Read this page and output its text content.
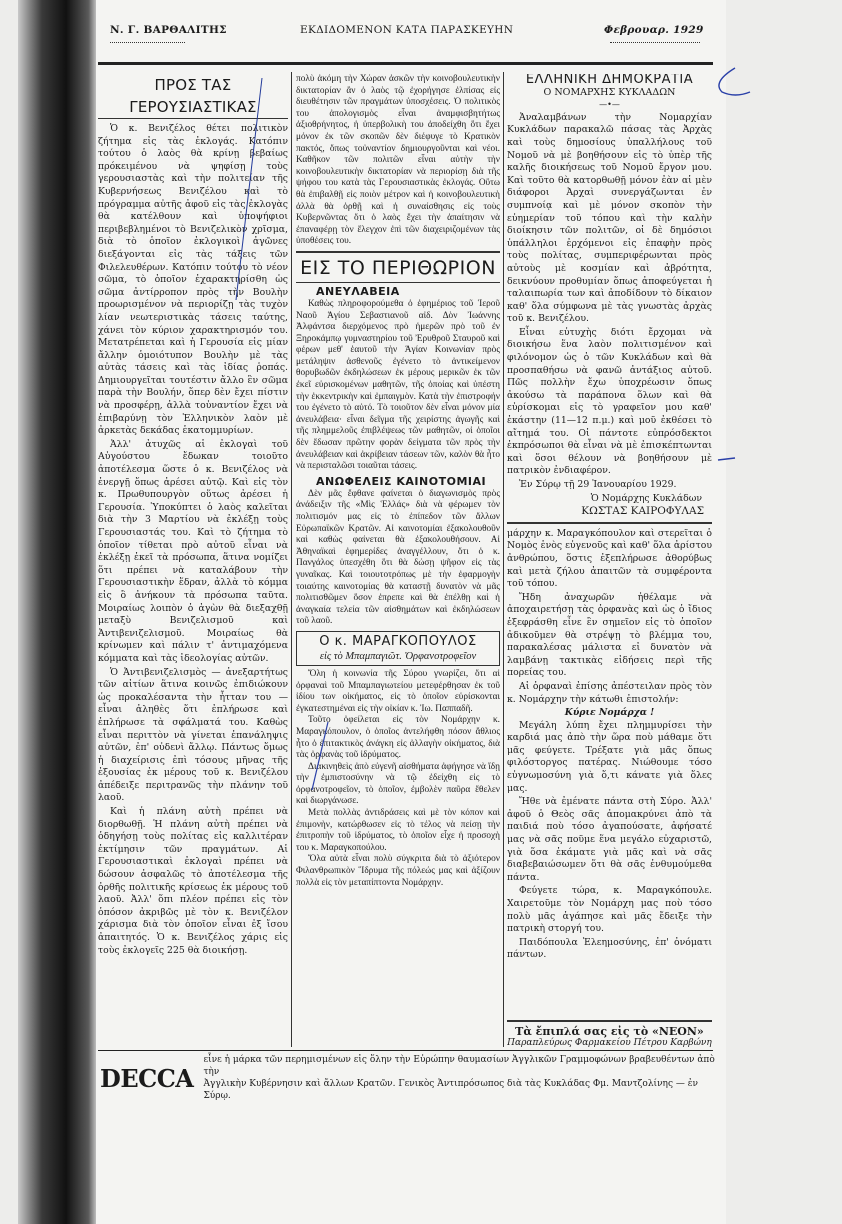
Ν. Γ. ΒΑΡΘΑΛΙΤΗΣ	ΕΚΔΙΔΟΜΕΝΟΝ ΚΑΤΑ ΠΑΡΑΣΚΕΥΗΝ	Φεβρουαρ. 1929
ΠΡΟΣ ΤΑΣ ΓΕΡΟΥΣΙΑΣΤΙΚΑΣ

Ὁ κ. Βενιζέλος θέτει πολιτικὸν ζήτημα εἰς τὰς ἐκλογάς. Κατόπιν τούτου ὁ λαὸς θὰ κρίνῃ βεβαίως πρόκειμένου νὰ ψηφίσῃ τοὺς γερουσιαστὰς καὶ τὴν πολιτείαν τῆς Κυβερνήσεως Βενιζέλου καὶ τὸ πρόγραμμα αὐτῆς ἀφοῦ εἰς τὰς ἐκλογὰς θὰ κατέλθουν καὶ ὑποψήφιοι περιβεβλημένοι τὸ Βενιζελικὸν χρῖσμα, διὰ τὸ ὁποῖον ἐκλογικοὶ ἀγῶνες διεξάγονται εἰς τὰς τάξεις τῶν Φιλελευθέρων. Κατόπιν τούτου τὸ νέον σῶμα, τὸ ὁποῖον ἐχαρακτηρίσθη ὡς σῶμα ἀντίρροπον πρὸς τὴν Βουλὴν προωρισμένον νὰ περιορίζῃ τὰς τυχὸν λίαν νεωτεριστικὰς τάσεις ταύτης, χάνει τὸν κύριον χαρακτηρισμόν του. Μετατρέπεται καὶ ἡ Γερουσία εἰς μίαν ἄλλην ὁμοιότυπον Βουλὴν μὲ τὰς αὐτὰς τάσεις καὶ τὰς ἰδίας ῥοπάς. Δημιουργεῖται τουτέστιν ἄλλο ἓν σῶμα παρὰ τὴν Βουλήν, ὅπερ δὲν ἔχει πίστιν νὰ προσφέρῃ, ἀλλὰ τοὐναντίον ἔχει νὰ ἐπιβαρύνῃ τὸν Ἑλληνικὸν λαὸν μὲ ἀρκετὰς δεκάδας ἑκατομμυρίων.

Ἀλλ' ἀτυχῶς αἱ ἐκλογαὶ τοῦ Αὐγούστου ἔδωκαν τοιοῦτο ἀποτέλεσμα ὥστε ὁ κ. Βενιζέλος νὰ ἐνεργῇ ὅπως ἀρέσει αὐτῷ. Καὶ εἰς τὸν κ. Πρωθυπουργὸν οὕτως ἀρέσει ἡ Γερουσία. Ὑποκύπτει ὁ λαὸς καλεῖται διὰ τὴν 3 Μαρτίου νὰ ἐκλέξῃ τοὺς Γερουσιαστάς του. Καὶ τὸ ζήτημα τὸ ὁποῖον τίθεται πρὸ αὐτοῦ εἶναι νὰ ἐκλέξῃ ἐκεῖ τὰ πρόσωπα, ἅτινα νομίζει ὅτι πρέπει νὰ καταλάβουν τὴν Γερουσιαστικὴν ἕδραν, ἀλλὰ τὸ κόμμα εἰς ὃ ἀνήκουν τὰ πρόσωπα ταῦτα. Μοιραίως λοιπὸν ὁ ἀγὼν θὰ διεξαχθῇ μεταξὺ Βενιζελισμοῦ καὶ Ἀντιβενιζελισμοῦ. Μοιραίως θὰ κρίνωμεν καὶ πάλιν τ' ἀντιμαχόμενα κόμματα καὶ τὰς ἰδεολογίας αὐτῶν.

Ὁ Ἀντιβενιζελισμὸς — ἀνεξαρτήτως τῶν αἰτίων ἅτινα κοινῶς ἐπιδιώκουν ὡς προκαλέσαντα τὴν ἧτταν του — εἶναι ἀληθὲς ὅτι ἐπλήρωσε καὶ ἐπλήρωσε τὰ σφάλματά του. Καθὼς εἶναι περιττὸν νὰ γίνεται ἐπανάληψις αὐτῶν, ἐπ' οὐδενὶ ἄλλῳ. Πάντως ὅμως ἡ διαχείρισις ἐπὶ τόσους μῆνας τῆς ἐξουσίας ἐκ μέρους τοῦ κ. Βενιζέλου ἀπέδειξε περιτρανῶς τὴν πλάνην τοῦ λαοῦ.

Καὶ ἡ πλάνη αὐτὴ πρέπει νὰ διορθωθῇ. Ἡ πλάνη αὐτὴ πρέπει νὰ ὁδηγήσῃ τοὺς πολίτας εἰς καλλιτέραν ἐκτίμησιν τῶν πραγμάτων. Αἱ Γερουσιαστικαὶ ἐκλογαὶ πρέπει νὰ δώσουν ἀσφαλῶς τὸ ἀποτέλεσμα τῆς ὀρθῆς πολιτικῆς κρίσεως ἐκ μέρους τοῦ λαοῦ. Ἀλλ' ὅπι πλέον πρέπει εἰς τὸν ὁπόσον ἀκριβῶς μὲ τὸν κ. Βενιζέλον χάρισμα διὰ τὸν ὁποῖον εἶναι ἐξ ἴσου ἀπαιτητός. Ὁ κ. Βενιζέλος χάρις εἰς τοὺς ἐκλογεῖς 225 θὰ διοικήσῃ.

πολὺ ἀκόμη τὴν Χώραν ἀσκῶν τὴν κοινοβουλευτικὴν δικτατορίαν ἂν ὁ λαὸς τῷ ἐχορήγησε ἐλπίσας εἰς διευθέτησιν τῶν πραγμάτων ὑποσχέσεις. Ὁ πολιτικὸς του ἀπολογισμὸς εἶναι ἀναμφισβητήτως ἀξιοθρήνητος, ἡ ὑπερβολικὴ του ἀποδείχθη ὅτι ἔχει μόνον ἐκ τῶν σκοπῶν δὲν διέφυγε τὸ Κρατικὸν πακτός, ὅπως τοὐναντίον δημιουργοῦνται καὶ νέοι. Καθῆκον τῶν πολιτῶν εἶναι αὐτὴν τὴν κοινοβουλευτικὴν δικτατορίαν νὰ περιορίσῃ διὰ τῆς ψήφου του κατὰ τὰς Γερουσιαστικὰς ἐκλογάς. Οὕτω θὰ ἐπιβαλθῇ εἰς ποιὸν μέτρον καὶ ἡ κοινοβουλευτικὴ ἀλλὰ θὰ ὀρθῇ καὶ ἡ συναίσθησις εἰς τοὺς Κυβερνῶντας ὅτι ὁ λαὸς ἔχει τὴν ἀπαίτησιν νὰ ἐπαναφέρῃ τὸν ἔλεγχον ἐπὶ τῶν διαχειριζομένων τὰς ὑποθέσεις του.

ΕΙΣ ΤΟ ΠΕΡΙΘΩΡΙΟΝ
ΑΝΕΥΛΑΒΕΙΑ

Καθὼς πληροφορούμεθα ὁ ἐφημέριος τοῦ Ἱεροῦ Ναοῦ Ἁγίου Σεβαστιανοῦ αἰδ. Δὸν Ἰωάννης Ἀλφάντσα διερχόμενος πρὸ ἡμερῶν πρὸ τοῦ ἐν Ξηροκάμπῳ γυμναστηρίου τοῦ Ἐρυθροῦ Σταυροῦ καὶ φέρων μεθ' ἑαυτοῦ τὴν Ἁγίαν Κοινωνίαν πρὸς μετάληψιν ἀσθενοῦς ἐγένετο τὸ ἀντικείμενον θορυβωδῶν ἐκδηλώσεων ἐκ μέρους μερικῶν ἐκ τῶν ἐκεῖ εὑρισκομένων μαθητῶν, τῆς ὁποίας καὶ ὑπέστη τὴν ἐκκεντρικὴν καὶ ἐμπαιγμὸν. Κατὰ τὴν ἐπιστροφήν του ἐγένετο τὸ αὐτό. Τὸ τοιοῦτον δὲν εἶναι μόνον μία ἀνευλάβεια· εἶναι δεῖγμα τῆς χειρίστης ἀγωγῆς καὶ τῆς πλημμελοῦς ἐπιβλέψεως τῶν μαθητῶν, οἱ ὁποῖοι δὲν ἔδωσαν πρῶτην φορὰν δείγματα τῶν πρὸς τὴν ἀνευλάβειαν καὶ ἀκρίβειαν τάσεων τῶν, καλὸν θὰ ἦτο νὰ περισταλῶσι τοιαῦται τάσεις.

ΑΝΩΦΕΛΕΙΣ ΚΑΙΝΟΤΟΜΙΑΙ

Δὲν μᾶς ἔφθανε φαίνεται ὁ διαγωνισμὸς πρὸς ἀνάδειξιν τῆς «Μὶς Ἑλλάς» διὰ νὰ φέρωμεν τὸν πολιτισμόν μας εἰς τὸ ἐπίπεδον τῶν ἄλλων Εὐρωπαϊκῶν Κρατῶν. Αἱ καινοτομίαι ἐξακολουθοῦν καὶ καθὼς φαίνεται θὰ ἐξακολουθήσουν. Αἱ Ἀθηναϊκαὶ ἐφημερίδες ἀναγγέλλουν, ὅτι ὁ κ. Πανγάλος ὑπεσχέθη ὅτι θὰ δώσῃ ψῆφον εἰς τὰς γυναῖκας. Καὶ τοιουτοτρόπως μὲ τὴν ἐφαρμογὴν τοιαύτης καινοτομίας θὰ καταστῇ δυνατὸν νὰ μᾶς πολιτισθῶμεν ὅσον ἐπρεπε καὶ θὰ ἐπέλθῃ καὶ ἡ ἀναγκαία τελεία τῶν αἰσθημάτων καὶ ἐκδηλώσεων τοῦ λαοῦ.

Ο κ. ΜΑΡΑΓΚΟΠΟΥΛΟΣ
εἰς τὸ Μπαμπαγιῶτ. Ὀρφανοτροφεῖον

Ὅλη ἡ κοινωνία τῆς Σύρου γνωρίζει, ὅτι αἱ ὀρφαναὶ τοῦ Μπαμπαγιωτείου μετεφέρθησαν ἐκ τοῦ ἰδίου των οἰκήματος, εἰς τὸ ὁποῖον εὑρίσκονται ἐγκατεστημέναι εἰς τὴν οἰκίαν κ. Ἰω. Παππαδῆ.

Τοῦτο ὀφείλεται εἰς τὸν Νομάρχην κ. Μαραγκόπουλον, ὁ ὁποῖος ἀντελήφθη πόσον ἄθλιος ἦτο ὁ ἐπιτακτικὸς ἀνάγκη εἰς ἀλλαγὴν οἰκήματος, διὰ τὰς ὀρφανὰς τοῦ ἱδρύματος.

Διακινηθεὶς ἀπὸ εὐγενῆ αἰσθήματα ἀφήγησε νὰ ἴδῃ τὴν ἐμπιστοσύνην νὰ τῷ ἐδείχθη εἰς τὸ ὀρφανοτροφεῖον, τὸ ὁποῖον, ἐμβολὲν παῦρα ἔθελεν καὶ διωργάνωσε.

Μετὰ πολλὰς ἀντιδράσεις καὶ μὲ τὸν κόπον καὶ ἐπιμονὴν, κατώρθωσεν εἰς τὸ τέλος νὰ πείσῃ τὴν ἐπιτροπὴν τοῦ ἱδρύματος, τὸ ὁποῖον εἶχε ἡ προσοχὴ του κ. Μαραγκοπούλου.

Ὅλα αὐτὰ εἶναι πολὺ σύγκριτα διὰ τὸ ἀξιότερον Φιλανθρωπικὸν Ἵδρυμα τῆς πόλεώς μας καὶ ἀξίζουν πολλὰ εἰς τὸν μεταπίπτοντα Νομάρχην.

ΕΛΛΗΝΙΚΗ ΔΗΜΟΚΡΑΤΙΑ
Ο ΝΟΜΑΡΧΗΣ ΚΥΚΛΑΔΩΝ
—•—

Ἀναλαμβάνων τὴν Νομαρχίαν Κυκλάδων παρακαλῶ πάσας τὰς Ἀρχὰς καὶ τοὺς δημοσίους ὑπαλλήλους τοῦ Νομοῦ νὰ μὲ βοηθήσουν εἰς τὸ ὑπὲρ τῆς καλῆς διοικήσεως τοῦ Νομοῦ ἔργον μου. Καὶ τοῦτο θὰ κατορθωθῇ μόνον ἐὰν αἱ μὲν διάφοροι Ἀρχαὶ συνεργάζωνται ἐν συμπνοίᾳ καὶ μὲ μόνον σκοπὸν τὴν εὐημερίαν τοῦ τόπου καὶ τὴν καλὴν διοίκησιν τῶν πολιτῶν, οἱ δὲ δημόσιοι ὑπάλληλοι ἐρχόμενοι εἰς ἐπαφὴν πρὸς τοὺς πολίτας, συμπεριφέρωνται πρὸς αὐτοὺς μὲ κοσμίαν καὶ ἀβρότητα, δεικνύουν προθυμίαν ὅπως ἀποφεύγεται ἡ ταλαιπωρία των καὶ ἀποδίδουν τὸ δίκαιον καθ' ὅλα σύμφωνα μὲ τὰς γνωστὰς ἀρχὰς τοῦ κ. Βενιζέλου.

Εἶναι εὐτυχὴς διότι ἔρχομαι νὰ διοικήσω ἕνα λαὸν πολιτισμένον καὶ φιλόνομον ὡς ὁ τῶν Κυκλάδων καὶ θὰ προσπαθήσω νὰ φανῶ ἀντάξιος αὐτοῦ. Πῶς πολλὴν ἔχω ὑποχρέωσιν ὅπως ἀκούσω τὰ παράπονα ὅλων καὶ θὰ εὑρίσκομαι εἰς τὸ γραφεῖον μου καθ' ἑκάστην (11—12 π.μ.) καὶ μοῦ ἐκθέσει τὸ αἴτημά του. Οἱ πάντοτε εὐπρόσδεκτοι ἐκπρόσωποι θὰ εἶναι νὰ μὲ ἐπισκέπτωνται καὶ ὅσοι θέλουν νὰ βοηθήσουν μὲ πατρικὸν ἐνδιαφέρον.

Ἐν Σύρῳ τῇ 29 Ἰανουαρίου 1929.

Ὁ Νομάρχης Κυκλάδων
ΚΩΣΤΑΣ ΚΑΙΡΟΦΥΛΑΣ

μάρχην κ. Μαραγκόπουλον καὶ στερεῖται ὁ Νομὸς ἑνὸς εὐγενοῦς καὶ καθ' ὅλα ἀρίστου ἀνθρώπου, ὅστις ἐξεπλήρωσε ἀθορύβως καὶ μετὰ ζήλου ἀπαιτῶν τὰ συμφέροντα τοῦ τόπου.

Ἤδη ἀναχωρῶν ἠθέλαμε νὰ ἀποχαιρετήσῃ τὰς ὀρφανὰς καὶ ὡς ὁ ἴδιος ἐξεφράσθη εἶνε ἓν σημεῖον εἰς τὸ ὁποῖον ἀδικοῦμεν θὰ στρέψῃ τὸ βλέμμα του, παρακαλέσας μάλιστα εἰ δυνατὸν νὰ λαμβάνῃ τακτικὰς εἰδήσεις περὶ τῆς πορείας του.

Αἱ ὀρφαναὶ ἐπίσης ἀπέστειλαν πρὸς τὸν κ. Νομάρχην τὴν κάτωθι ἐπιστολήν:

Κύριε Νομάρχα !

Μεγάλη λύπη ἔχει πλημμυρίσει τὴν καρδιά μας ἀπὸ τὴν ὥρα ποὺ μάθαμε ὅτι μᾶς φεύγετε. Τρέξατε γιὰ μᾶς ὅπως φιλόστοργος πατέρας. Νιώθουμε τόσο εὐγνωμοσύνη γιὰ ὅ,τι κάνατε γιὰ ὅλες μας.

Ἤθε νὰ ἐμένατε πάντα στὴ Σύρο. Ἀλλ' ἀφοῦ ὁ Θεὸς σᾶς ἀπομακρύνει ἀπὸ τὰ παιδιά ποὺ τόσο ἀγαπούσατε, ἀφήσατέ μας νὰ σᾶς ποῦμε ἕνα μεγάλο εὐχαριστῶ, γιὰ ὅσα ἐκάματε γιὰ μᾶς καὶ νὰ σᾶς διαβεβαιώσωμεν ὅτι θὰ σᾶς ἐνθυμούμεθα πάντα.

Φεύγετε τώρα, κ. Μαραγκόπουλε. Χαιρετοῦμε τὸν Νομάρχη μας ποὺ τόσο πολὺ μᾶς ἀγάπησε καὶ μᾶς ἔδειξε τὴν πατρικὴ στοργή του.

Παιδόπουλα Ἐλεημοσύνης, ἐπ' ὀνόματι πάντων.

Τὰ ἔπιπλά σας εἰς τὸ «ΝΕΟΝ»
Παραπλεύρως Φαρμακείου Πέτρου Καρβώνη
DECCA
εἶνε ἡ μάρκα τῶν περημισμένων εἰς ὅλην τὴν Εὐρώπην θαυμασίων Ἀγγλικῶν Γραμμοφώνων βραβευθέντων ἀπὸ τὴν
Ἀγγλικὴν Κυβέρνησιν καὶ ἄλλων Κρατῶν. Γενικὸς Ἀντιπρόσωπος διὰ τὰς Κυκλάδας Φμ. Μαντζολίνης — ἐν Σύρῳ.
